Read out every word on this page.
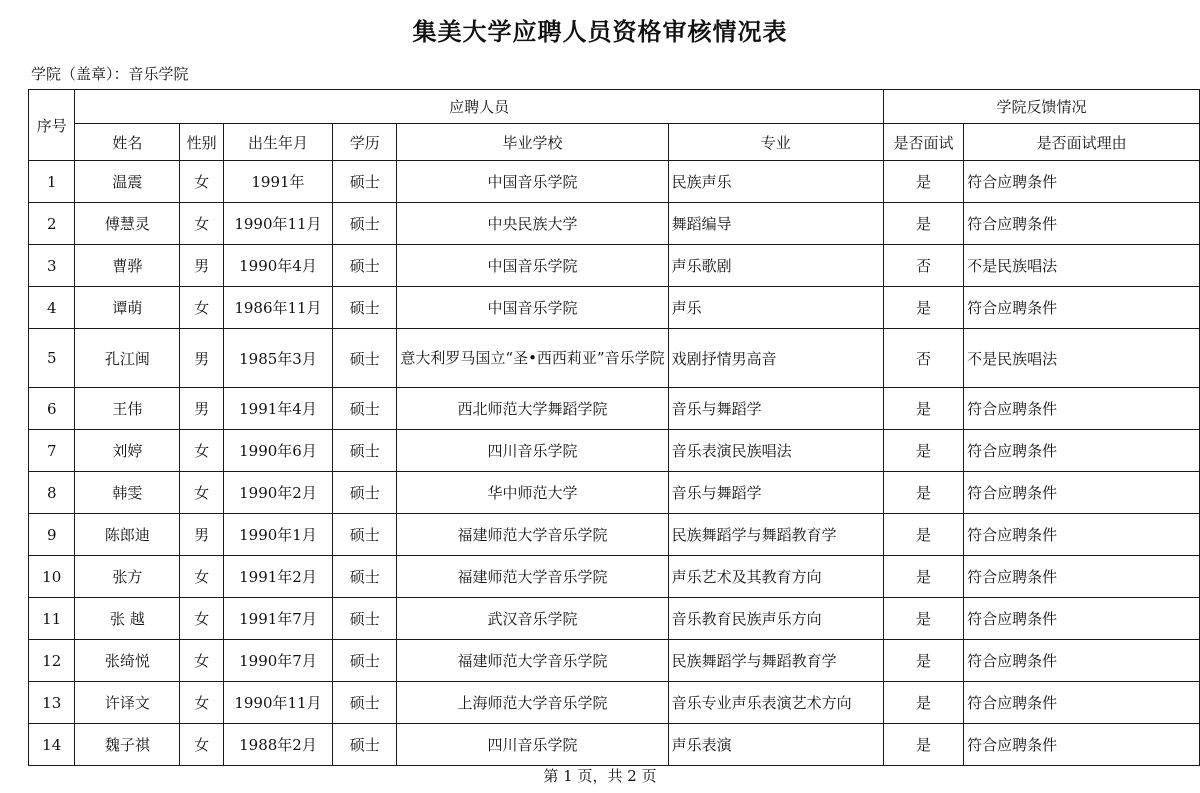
集美大学应聘人员资格审核情况表
学院（盖章）：音乐学院
序号	应聘人员						学院反馈情况	
	姓名	性别	出生年月	学历	毕业学校	专业	是否面试	是否面试理由
1	温震	女	1991年	硕士	中国音乐学院	民族声乐	是	符合应聘条件
2	傅慧灵	女	1990年11月	硕士	中央民族大学	舞蹈编导	是	符合应聘条件
3	曹骅	男	1990年4月	硕士	中国音乐学院	声乐歌剧	否	不是民族唱法
4	谭萌	女	1986年11月	硕士	中国音乐学院	声乐	是	符合应聘条件
5	孔江闽	男	1985年3月	硕士	意大利罗马国立“圣•西西莉亚”音乐学院	戏剧抒情男高音	否	不是民族唱法
6	王伟	男	1991年4月	硕士	西北师范大学舞蹈学院	音乐与舞蹈学	是	符合应聘条件
7	刘婷	女	1990年6月	硕士	四川音乐学院	音乐表演民族唱法	是	符合应聘条件
8	韩雯	女	1990年2月	硕士	华中师范大学	音乐与舞蹈学	是	符合应聘条件
9	陈郎迪	男	1990年1月	硕士	福建师范大学音乐学院	民族舞蹈学与舞蹈教育学	是	符合应聘条件
10	张方	女	1991年2月	硕士	福建师范大学音乐学院	声乐艺术及其教育方向	是	符合应聘条件
11	张 越	女	1991年7月	硕士	武汉音乐学院	音乐教育民族声乐方向	是	符合应聘条件
12	张绮悦	女	1990年7月	硕士	福建师范大学音乐学院	民族舞蹈学与舞蹈教育学	是	符合应聘条件
13	许译文	女	1990年11月	硕士	上海师范大学音乐学院	音乐专业声乐表演艺术方向	是	符合应聘条件
14	魏子祺	女	1988年2月	硕士	四川音乐学院	声乐表演	是	符合应聘条件
第 1 页，共 2 页
